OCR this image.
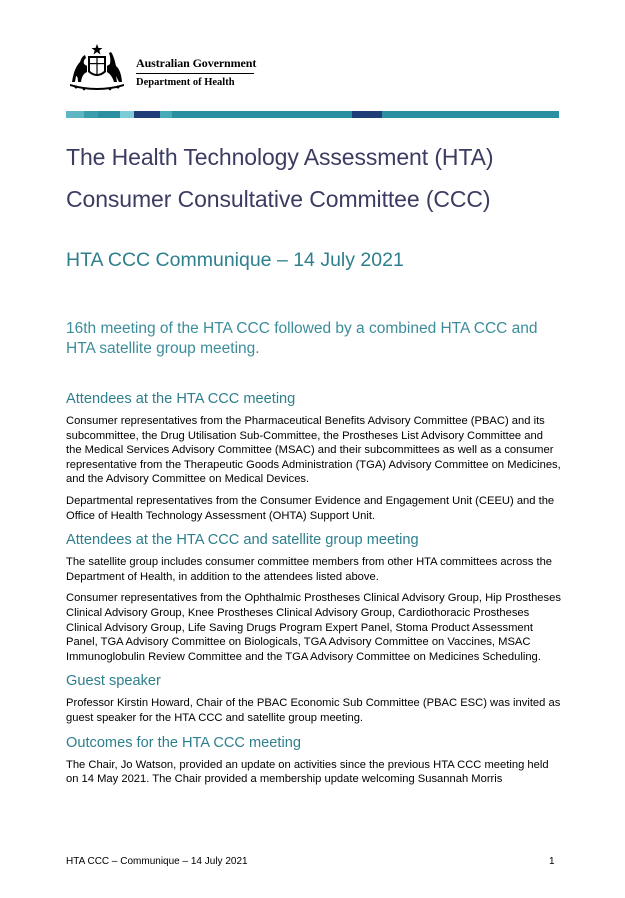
Australian Government
Department of Health
The Health Technology Assessment (HTA)
Consumer Consultative Committee (CCC)
HTA CCC Communique – 14 July 2021
16th meeting of the HTA CCC followed by a combined HTA CCC and HTA satellite group meeting.
Attendees at the HTA CCC meeting

Consumer representatives from the Pharmaceutical Benefits Advisory Committee (PBAC) and its subcommittee, the Drug Utilisation Sub-Committee, the Prostheses List Advisory Committee and the Medical Services Advisory Committee (MSAC) and their subcommittees as well as a consumer representative from the Therapeutic Goods Administration (TGA) Advisory Committee on Medicines, and the Advisory Committee on Medical Devices.

Departmental representatives from the Consumer Evidence and Engagement Unit (CEEU) and the Office of Health Technology Assessment (OHTA) Support Unit.

Attendees at the HTA CCC and satellite group meeting

The satellite group includes consumer committee members from other HTA committees across the Department of Health, in addition to the attendees listed above.

Consumer representatives from the Ophthalmic Prostheses Clinical Advisory Group, Hip Prostheses Clinical Advisory Group, Knee Prostheses Clinical Advisory Group, Cardiothoracic Prostheses Clinical Advisory Group, Life Saving Drugs Program Expert Panel, Stoma Product Assessment Panel, TGA Advisory Committee on Biologicals, TGA Advisory Committee on Vaccines, MSAC Immunoglobulin Review Committee and the TGA Advisory Committee on Medicines Scheduling.

Guest speaker

Professor Kirstin Howard, Chair of the PBAC Economic Sub Committee (PBAC ESC) was invited as guest speaker for the HTA CCC and satellite group meeting.

Outcomes for the HTA CCC meeting

The Chair, Jo Watson, provided an update on activities since the previous HTA CCC meeting held on 14 May 2021. The Chair provided a membership update welcoming Susannah Morris

HTA CCC – Communique – 14 July 2021	1
